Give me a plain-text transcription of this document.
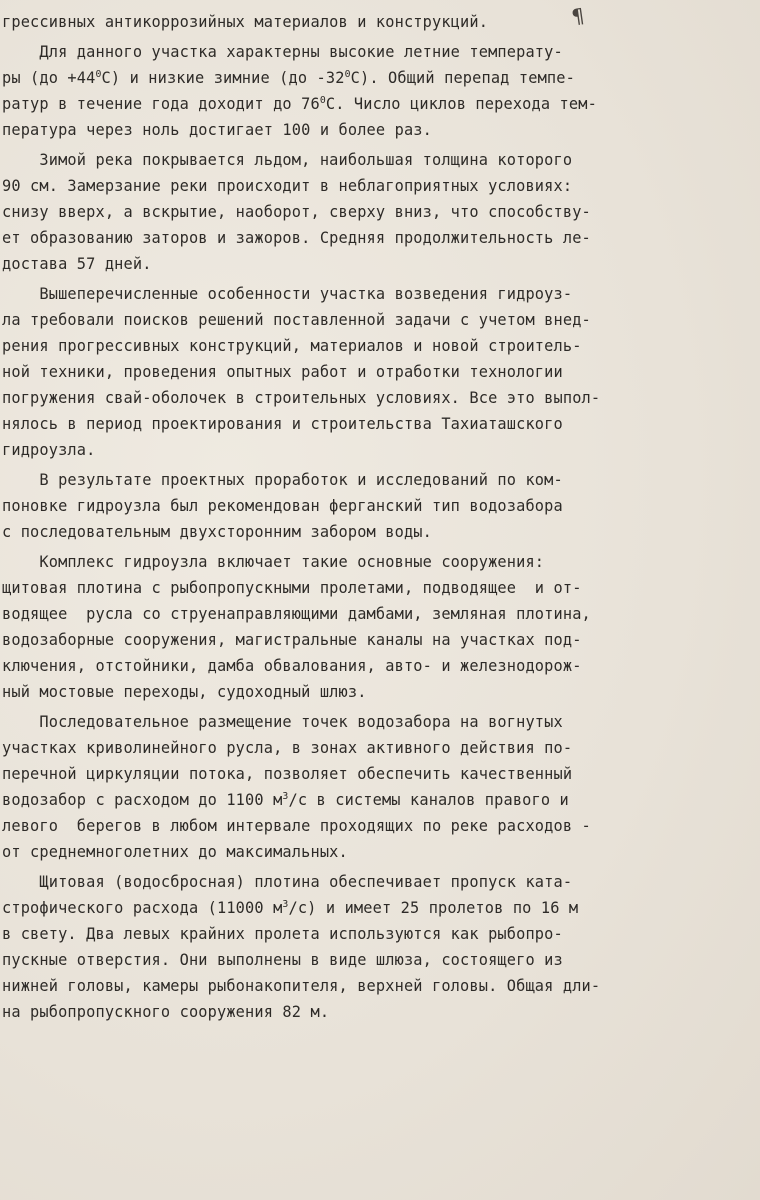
¶
грессивных антикоррозийных материалов и конструкций.
Для данного участка характерны высокие летние температу-
ры $(до +44^0С)$ и низкие зимние (до $-32^0С$). Общий перепад темпе-
ратур в течение года доходит до $76^0С$. Число циклов перехода тем-
пература через ноль достигает 100 и более раз.
Зимой река покрывается льдом, наибольшая толщина которого
90 см. Замерзание реки происходит в неблагоприятных условиях:
снизу вверх, а вскрытие, наоборот, сверху вниз, что способству-
ет образованию заторов и зажоров. Средняя продолжительность ле-
достава 57 дней.
Вышеперечисленные особенности участка возведения гидроуз-
ла требовали поисков решений поставленной задачи с учетом внед-
рения прогрессивных конструкций, материалов и новой строитель-
ной техники, проведения опытных работ и отработки технологии
погружения свай-оболочек в строительных условиях. Все это выпол-
нялось в период проектирования и строительства Тахиаташского
гидроузла.
В результате проектных проработок и исследований по ком-
поновке гидроузла был рекомендован ферганский тип водозабора
с последовательным двухсторонним забором воды.
Комплекс гидроузла включает такие основные сооружения:
щитовая плотина с рыбопропускными пролетами, подводящее  и от-
водящее  русла со струенаправляющими дамбами, земляная плотина,
водозаборные сооружения, магистральные каналы на участках под-
ключения, отстойники, дамба обвалования, авто- и железнодорож-
ный мостовые переходы, судоходный шлюз.
Последовательное размещение точек водозабора на вогнутых
участках криволинейного русла, в зонах активного действия по-
перечной циркуляции потока, позволяет обеспечить качественный
водозабор с расходом до 1100 $м^3/с$ в системы каналов правого и
левого  берегов в любом интервале проходящих по реке расходов -
от среднемноголетних до максимальных.
Щитовая (водосбросная) плотина обеспечивает пропуск ката-
строфического расхода (11000 $м^3/с$) и имеет 25 пролетов по 16 м
в свету. Два левых крайних пролета используются как рыбопро-
пускные отверстия. Они выполнены в виде шлюза, состоящего из
нижней головы, камеры рыбонакопителя, верхней головы. Общая дли-
на рыбопропускного сооружения 82 м.
